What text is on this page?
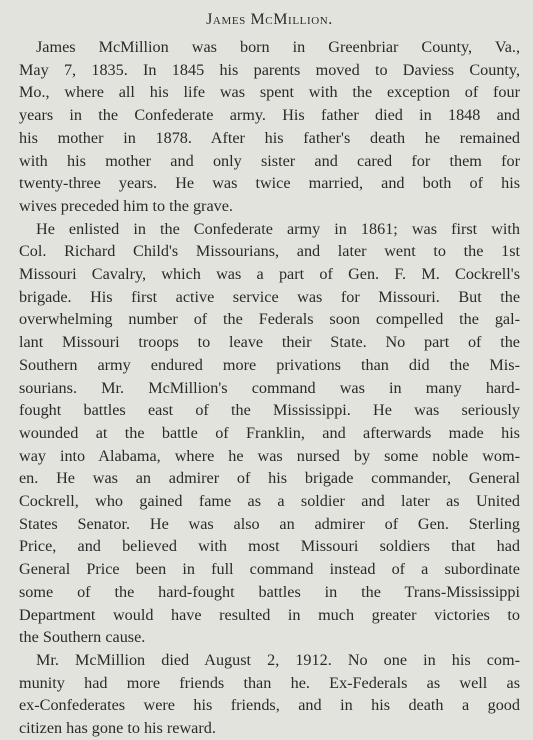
James McMillion.
James McMillion was born in Greenbriar County, Va.,
May 7, 1835. In 1845 his parents moved to Daviess County,
Mo., where all his life was spent with the exception of four
years in the Confederate army. His father died in 1848 and
his mother in 1878. After his father's death he remained
with his mother and only sister and cared for them for
twenty-three years. He was twice married, and both of his
wives preceded him to the grave.
He enlisted in the Confederate army in 1861; was first with
Col. Richard Child's Missourians, and later went to the 1st
Missouri Cavalry, which was a part of Gen. F. M. Cockrell's
brigade. His first active service was for Missouri. But the
overwhelming number of the Federals soon compelled the gal-
lant Missouri troops to leave their State. No part of the
Southern army endured more privations than did the Mis-
sourians. Mr. McMillion's command was in many hard-
fought battles east of the Mississippi. He was seriously
wounded at the battle of Franklin, and afterwards made his
way into Alabama, where he was nursed by some noble wom-
en. He was an admirer of his brigade commander, General
Cockrell, who gained fame as a soldier and later as United
States Senator. He was also an admirer of Gen. Sterling
Price, and believed with most Missouri soldiers that had
General Price been in full command instead of a subordinate
some of the hard-fought battles in the Trans-Mississippi
Department would have resulted in much greater victories to
the Southern cause.
Mr. McMillion died August 2, 1912. No one in his com-
munity had more friends than he. Ex-Federals as well as
ex-Confederates were his friends, and in his death a good
citizen has gone to his reward.
